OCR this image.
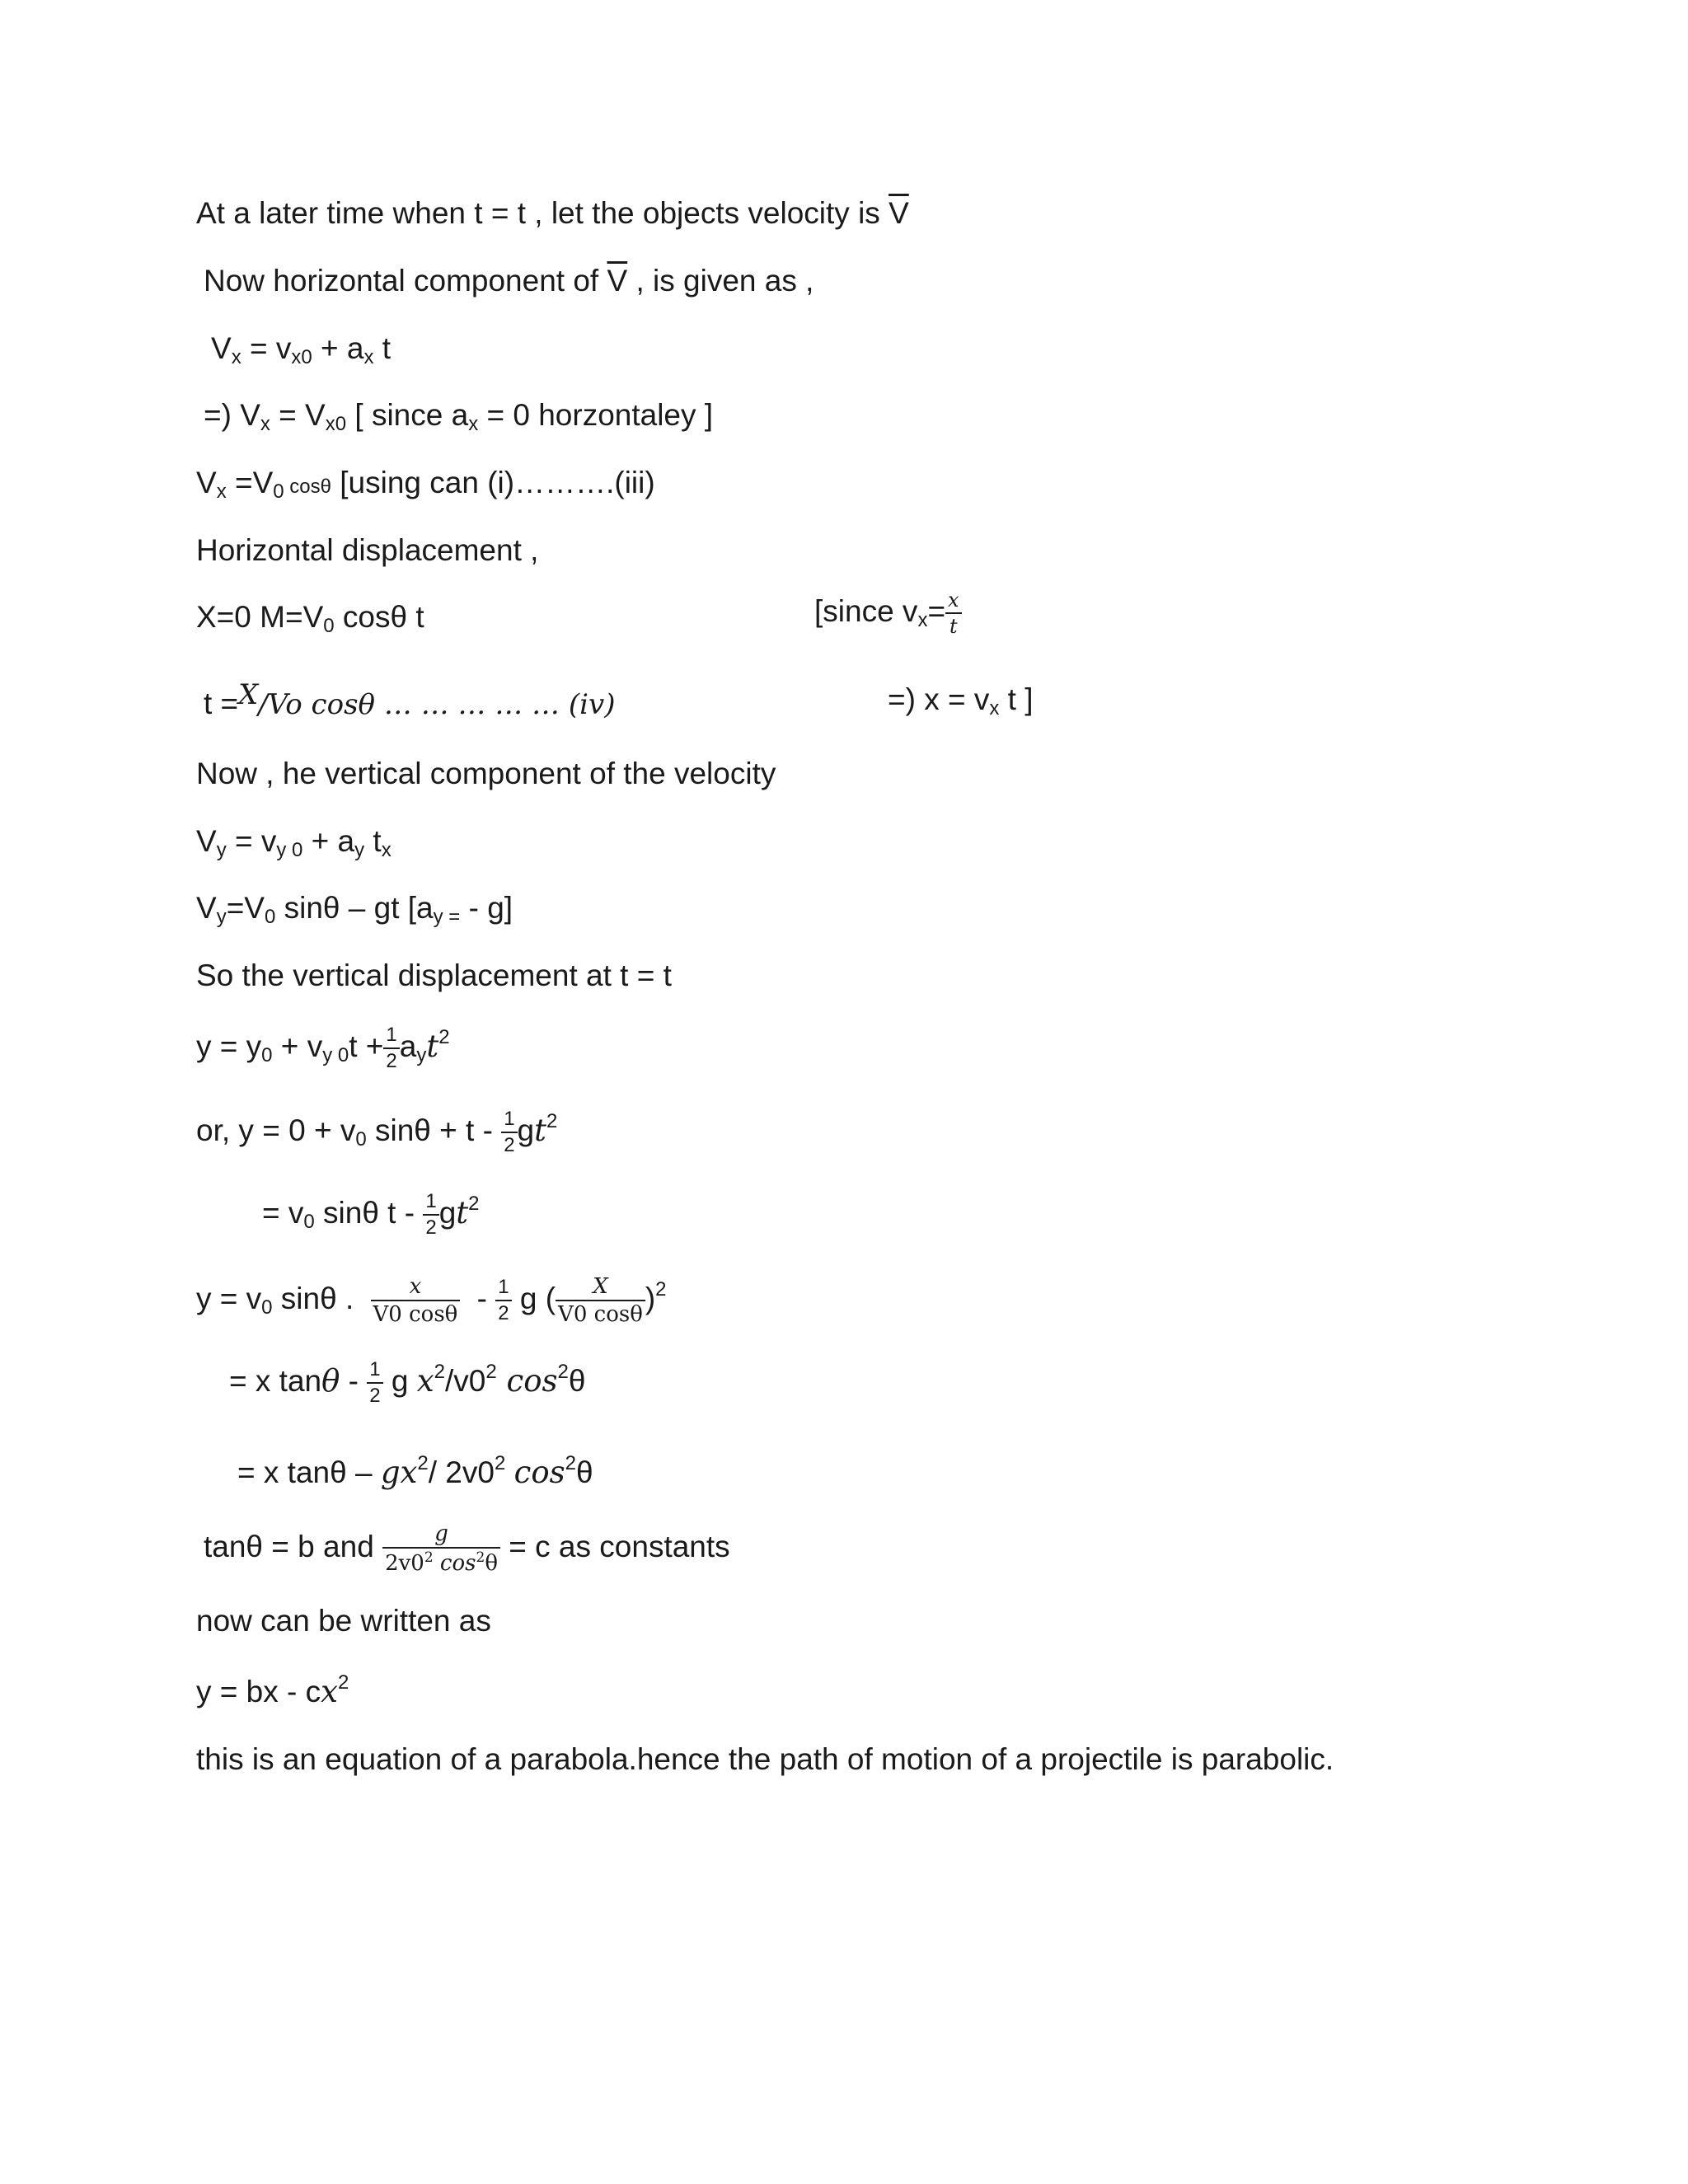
At a later time when t = t , let the objects velocity is $\overline{V}$
Now horizontal component of $\overline{V}$ , is given as ,
$V_x = v_{x0} + a_x$ t
=) $V_x = V_{x0}$ [ since $a_x = 0$ horzontaley ]
$V_x =V_0$ cosθ [using can (i)……….(iii)
Horizontal displacement ,
X=0 $M=V_0$ cosθ t	[since $v_x= \frac{x}{t}$
t =X/Vo cosθ … … … … … (iv)	=) $x = v_x$ t ]
Now , he vertical component of the velocity
$V_y = v_{y 0} + a_y$ $t_x$
$V_y=V_0$ sinθ – gt $[a_{y =} - g]$
So the vertical displacement at t = t
$y = y_0 + v_{y 0}t + \frac{1}{2} a_yt^2$
or, $y = 0 + v_0$ $\sin\theta + t - \frac{1}{2} gt^2$
= $v_0$ sinθ t - $\frac{1}{2} gt^2$
$y = v_0$ sinθ . $\frac{x}{V0 \cos\theta} - \frac{1}{2}$ g ( $\frac{X}{V0 \cos\theta} )^2$
= x tanθ - $\frac{1}{2}$ g $x^2/v0^2$ $\cos^2\theta$
= x tanθ – $gx^2/$ $2v0^2$ $\cos^2\theta$
tanθ = b and $\frac{g}{2v0^2 \cos^2\theta} = c$ as constants
now can be written as
y = bx - $cx^2$
this is an equation of a parabola.hence the path of motion of a projectile is parabolic.
